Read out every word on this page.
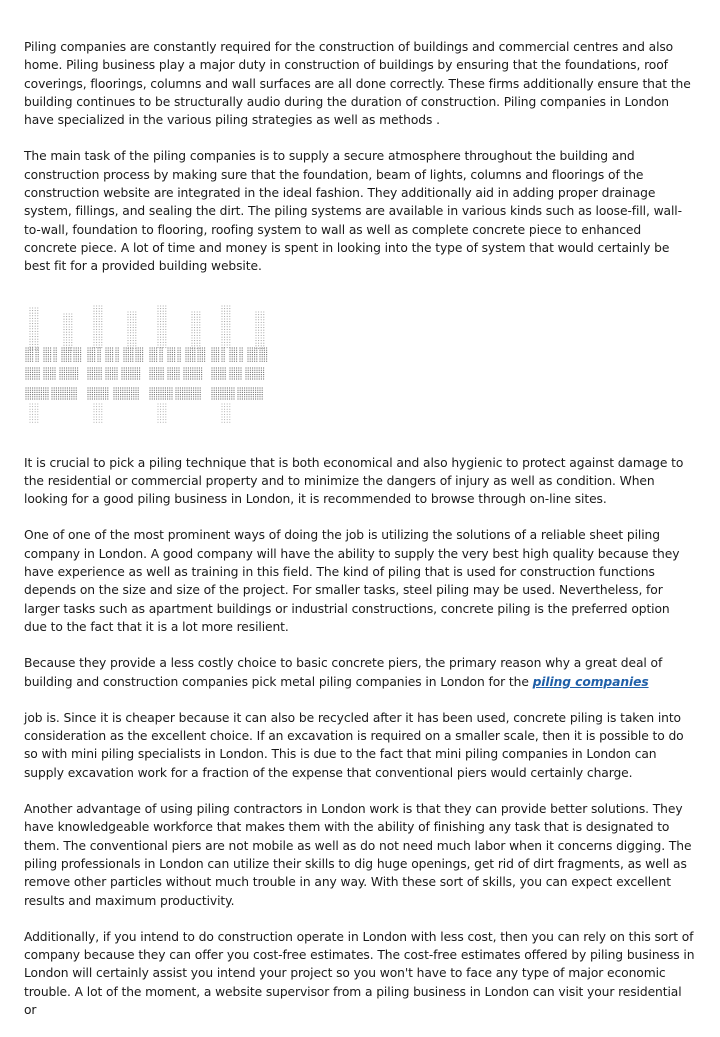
Piling companies are constantly required for the construction of buildings and commercial centres and also home. Piling business play a major duty in construction of buildings by ensuring that the foundations, roof coverings, floorings, columns and wall surfaces are all done correctly. These firms additionally ensure that the building continues to be structurally audio during the duration of construction. Piling companies in London have specialized in the various piling strategies as well as methods .

The main task of the piling companies is to supply a secure atmosphere throughout the building and construction process by making sure that the foundation, beam of lights, columns and floorings of the construction website are integrated in the ideal fashion. They additionally aid in adding proper drainage system, fillings, and sealing the dirt. The piling systems are available in various kinds such as loose-fill, wall-to-wall, foundation to flooring, roofing system to wall as well as complete concrete piece to enhanced concrete piece. A lot of time and money is spent in looking into the type of system that would certainly be best fit for a provided building website.

It is crucial to pick a piling technique that is both economical and also hygienic to protect against damage to the residential or commercial property and to minimize the dangers of injury as well as condition. When looking for a good piling business in London, it is recommended to browse through on-line sites.

One of one of the most prominent ways of doing the job is utilizing the solutions of a reliable sheet piling company in London. A good company will have the ability to supply the very best high quality because they have experience as well as training in this field. The kind of piling that is used for construction functions depends on the size and size of the project. For smaller tasks, steel piling may be used. Nevertheless, for larger tasks such as apartment buildings or industrial constructions, concrete piling is the preferred option due to the fact that it is a lot more resilient.

Because they provide a less costly choice to basic concrete piers, the primary reason why a great deal of building and construction companies pick metal piling companies in London for the piling companies

job is. Since it is cheaper because it can also be recycled after it has been used, concrete piling is taken into consideration as the excellent choice. If an excavation is required on a smaller scale, then it is possible to do so with mini piling specialists in London. This is due to the fact that mini piling companies in London can supply excavation work for a fraction of the expense that conventional piers would certainly charge.

Another advantage of using piling contractors in London work is that they can provide better solutions. They have knowledgeable workforce that makes them with the ability of finishing any task that is designated to them. The conventional piers are not mobile as well as do not need much labor when it concerns digging. The piling professionals in London can utilize their skills to dig huge openings, get rid of dirt fragments, as well as remove other particles without much trouble in any way. With these sort of skills, you can expect excellent results and maximum productivity.

Additionally, if you intend to do construction operate in London with less cost, then you can rely on this sort of company because they can offer you cost-free estimates. The cost-free estimates offered by piling business in London will certainly assist you intend your project so you won't have to face any type of major economic trouble. A lot of the moment, a website supervisor from a piling business in London can visit your residential or
